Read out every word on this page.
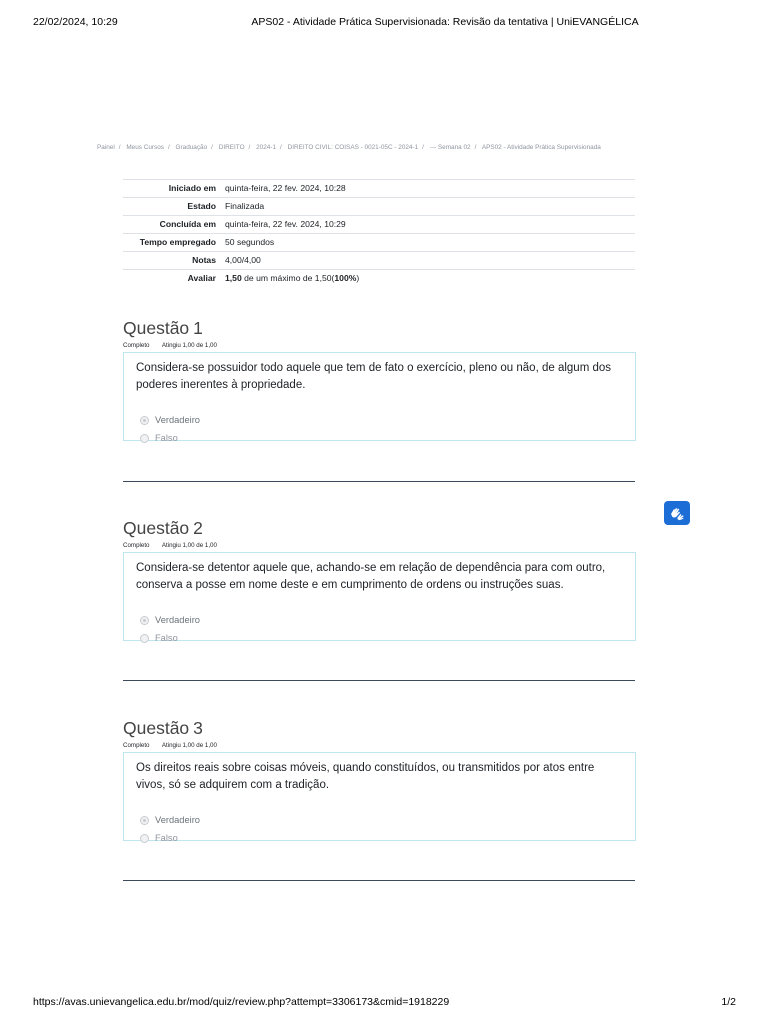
22/02/2024, 10:29	APS02 - Atividade Prática Supervisionada: Revisão da tentativa | UniEVANGÉLICA
Painel / Meus Cursos / Graduação / DIREITO / 2024-1 / DIREITO CIVIL: COISAS - 0021-05C - 2024-1 / --- Semana 02 / APS02 - Atividade Prática Supervisionada
Iniciado em	quinta-feira, 22 fev. 2024, 10:28
Estado	Finalizada
Concluída em	quinta-feira, 22 fev. 2024, 10:29
Tempo empregado	50 segundos
Notas	4,00/4,00
Avaliar	1,50 de um máximo de 1,50(100%)
Questão 1
Completo Atingiu 1,00 de 1,00

Considera-se possuidor todo aquele que tem de fato o exercício, pleno ou não, de algum dos poderes inerentes à propriedade.

Verdadeiro
Falso
Questão 2
Completo Atingiu 1,00 de 1,00

Considera-se detentor aquele que, achando-se em relação de dependência para com outro, conserva a posse em nome deste e em cumprimento de ordens ou instruções suas.

Verdadeiro
Falso
Questão 3
Completo Atingiu 1,00 de 1,00

Os direitos reais sobre coisas móveis, quando constituídos, ou transmitidos por atos entre vivos, só se adquirem com a tradição.

Verdadeiro
Falso
https://avas.unievangelica.edu.br/mod/quiz/review.php?attempt=3306173&cmid=1918229	1/2
